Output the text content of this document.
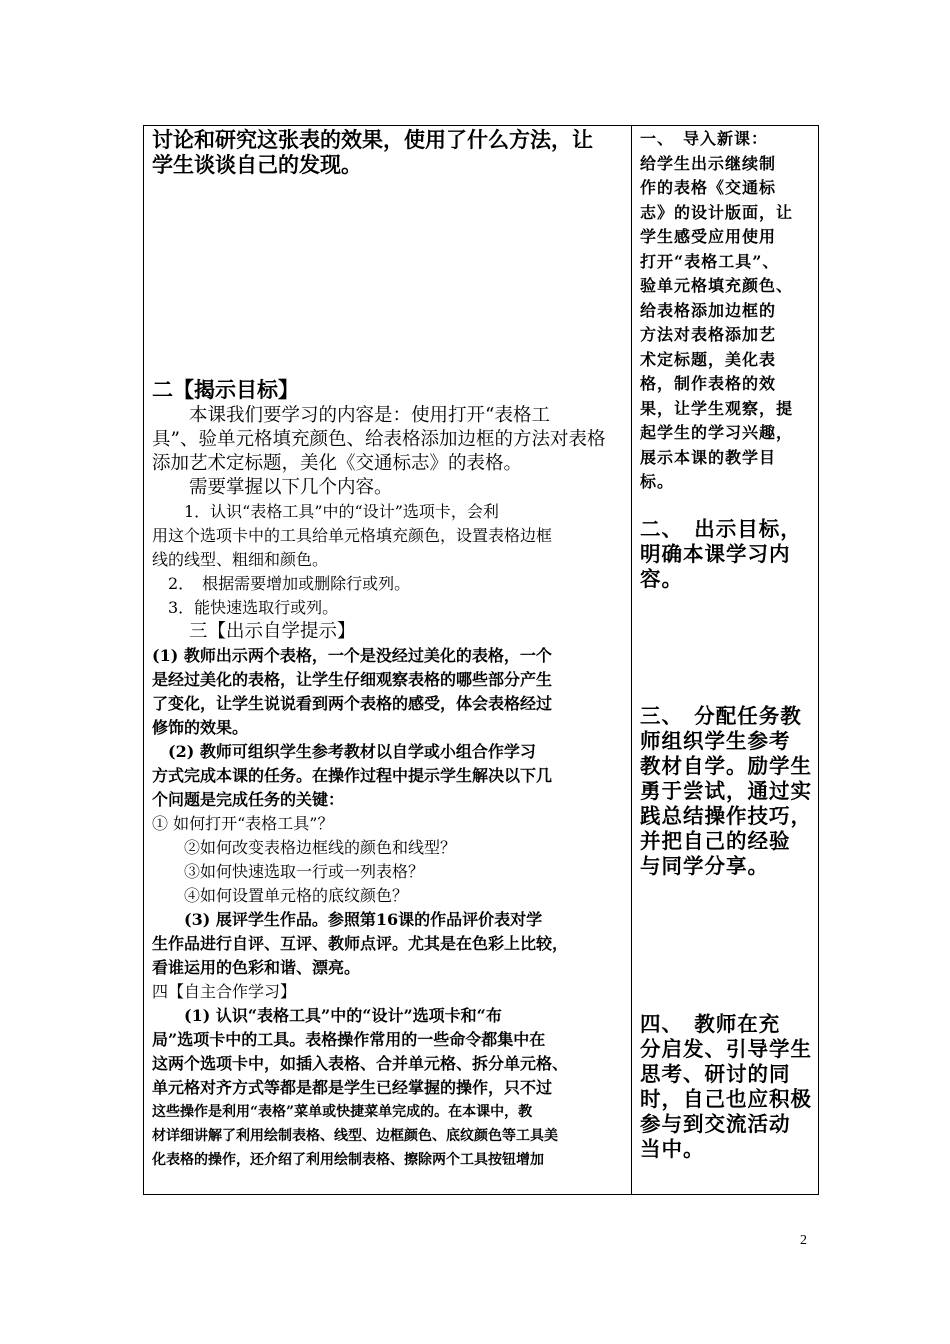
讨论和研究这张表的效果，使用了什么方法，让

学生谈谈自己的发现。

二【揭示目标】

　　本课我们要学习的内容是：使用打开“表格工

具”、验单元格填充颜色、给表格添加边框的方法对表格

添加艺术定标题，美化《交通标志》的表格。

　　需要掌握以下几个内容。

　　1．认识“表格工具”中的“设计”选项卡，会利

用这个选项卡中的工具给单元格填充颜色，设置表格边框

线的线型、粗细和颜色。

　2．　根据需要增加或删除行或列。

　3．能快速选取行或列。

　　三【出示自学提示】

(1) 教师出示两个表格，一个是没经过美化的表格，一个

是经过美化的表格，让学生仔细观察表格的哪些部分产生

了变化，让学生说说看到两个表格的感受，体会表格经过

修饰的效果。

　(2) 教师可组织学生参考教材以自学或小组合作学习

方式完成本课的任务。在操作过程中提示学生解决以下几

个问题是完成任务的关键：

① 如何打开“表格工具”？

　　②如何改变表格边框线的颜色和线型？

　　③如何快速选取一行或一列表格？

　　④如何设置单元格的底纹颜色？

　　(3) 展评学生作品。参照第16课的作品评价表对学

生作品进行自评、互评、教师点评。尤其是在色彩上比较，

看谁运用的色彩和谐、漂亮。

四【自主合作学习】

　　(1) 认识“表格工具”中的“设计”选项卡和“布

局”选项卡中的工具。表格操作常用的一些命令都集中在

这两个选项卡中，如插入表格、合并单元格、拆分单元格、

单元格对齐方式等都是都是学生已经掌握的操作，只不过

这些操作是利用“表格”菜单或快捷菜单完成的。在本课中，教

材详细讲解了利用绘制表格、线型、边框颜色、底纹颜色等工具美

化表格的操作，还介绍了利用绘制表格、擦除两个工具按钮增加

一、　导入新课：

给学生出示继续制

作的表格《交通标

志》的设计版面，让

学生感受应用使用

打开“表格工具”、

验单元格填充颜色、

给表格添加边框的

方法对表格添加艺

术定标题，美化表

格，制作表格的效

果，让学生观察，提

起学生的学习兴趣，

展示本课的教学目

标。

二、　出示目标，

明确本课学习内

容。

三、　分配任务教

师组织学生参考

教材自学。励学生

勇于尝试，通过实

践总结操作技巧，

并把自己的经验

与同学分享。

四、　教师在充

分启发、引导学生

思考、研讨的同

时，自己也应积极

参与到交流活动

当中。

2
